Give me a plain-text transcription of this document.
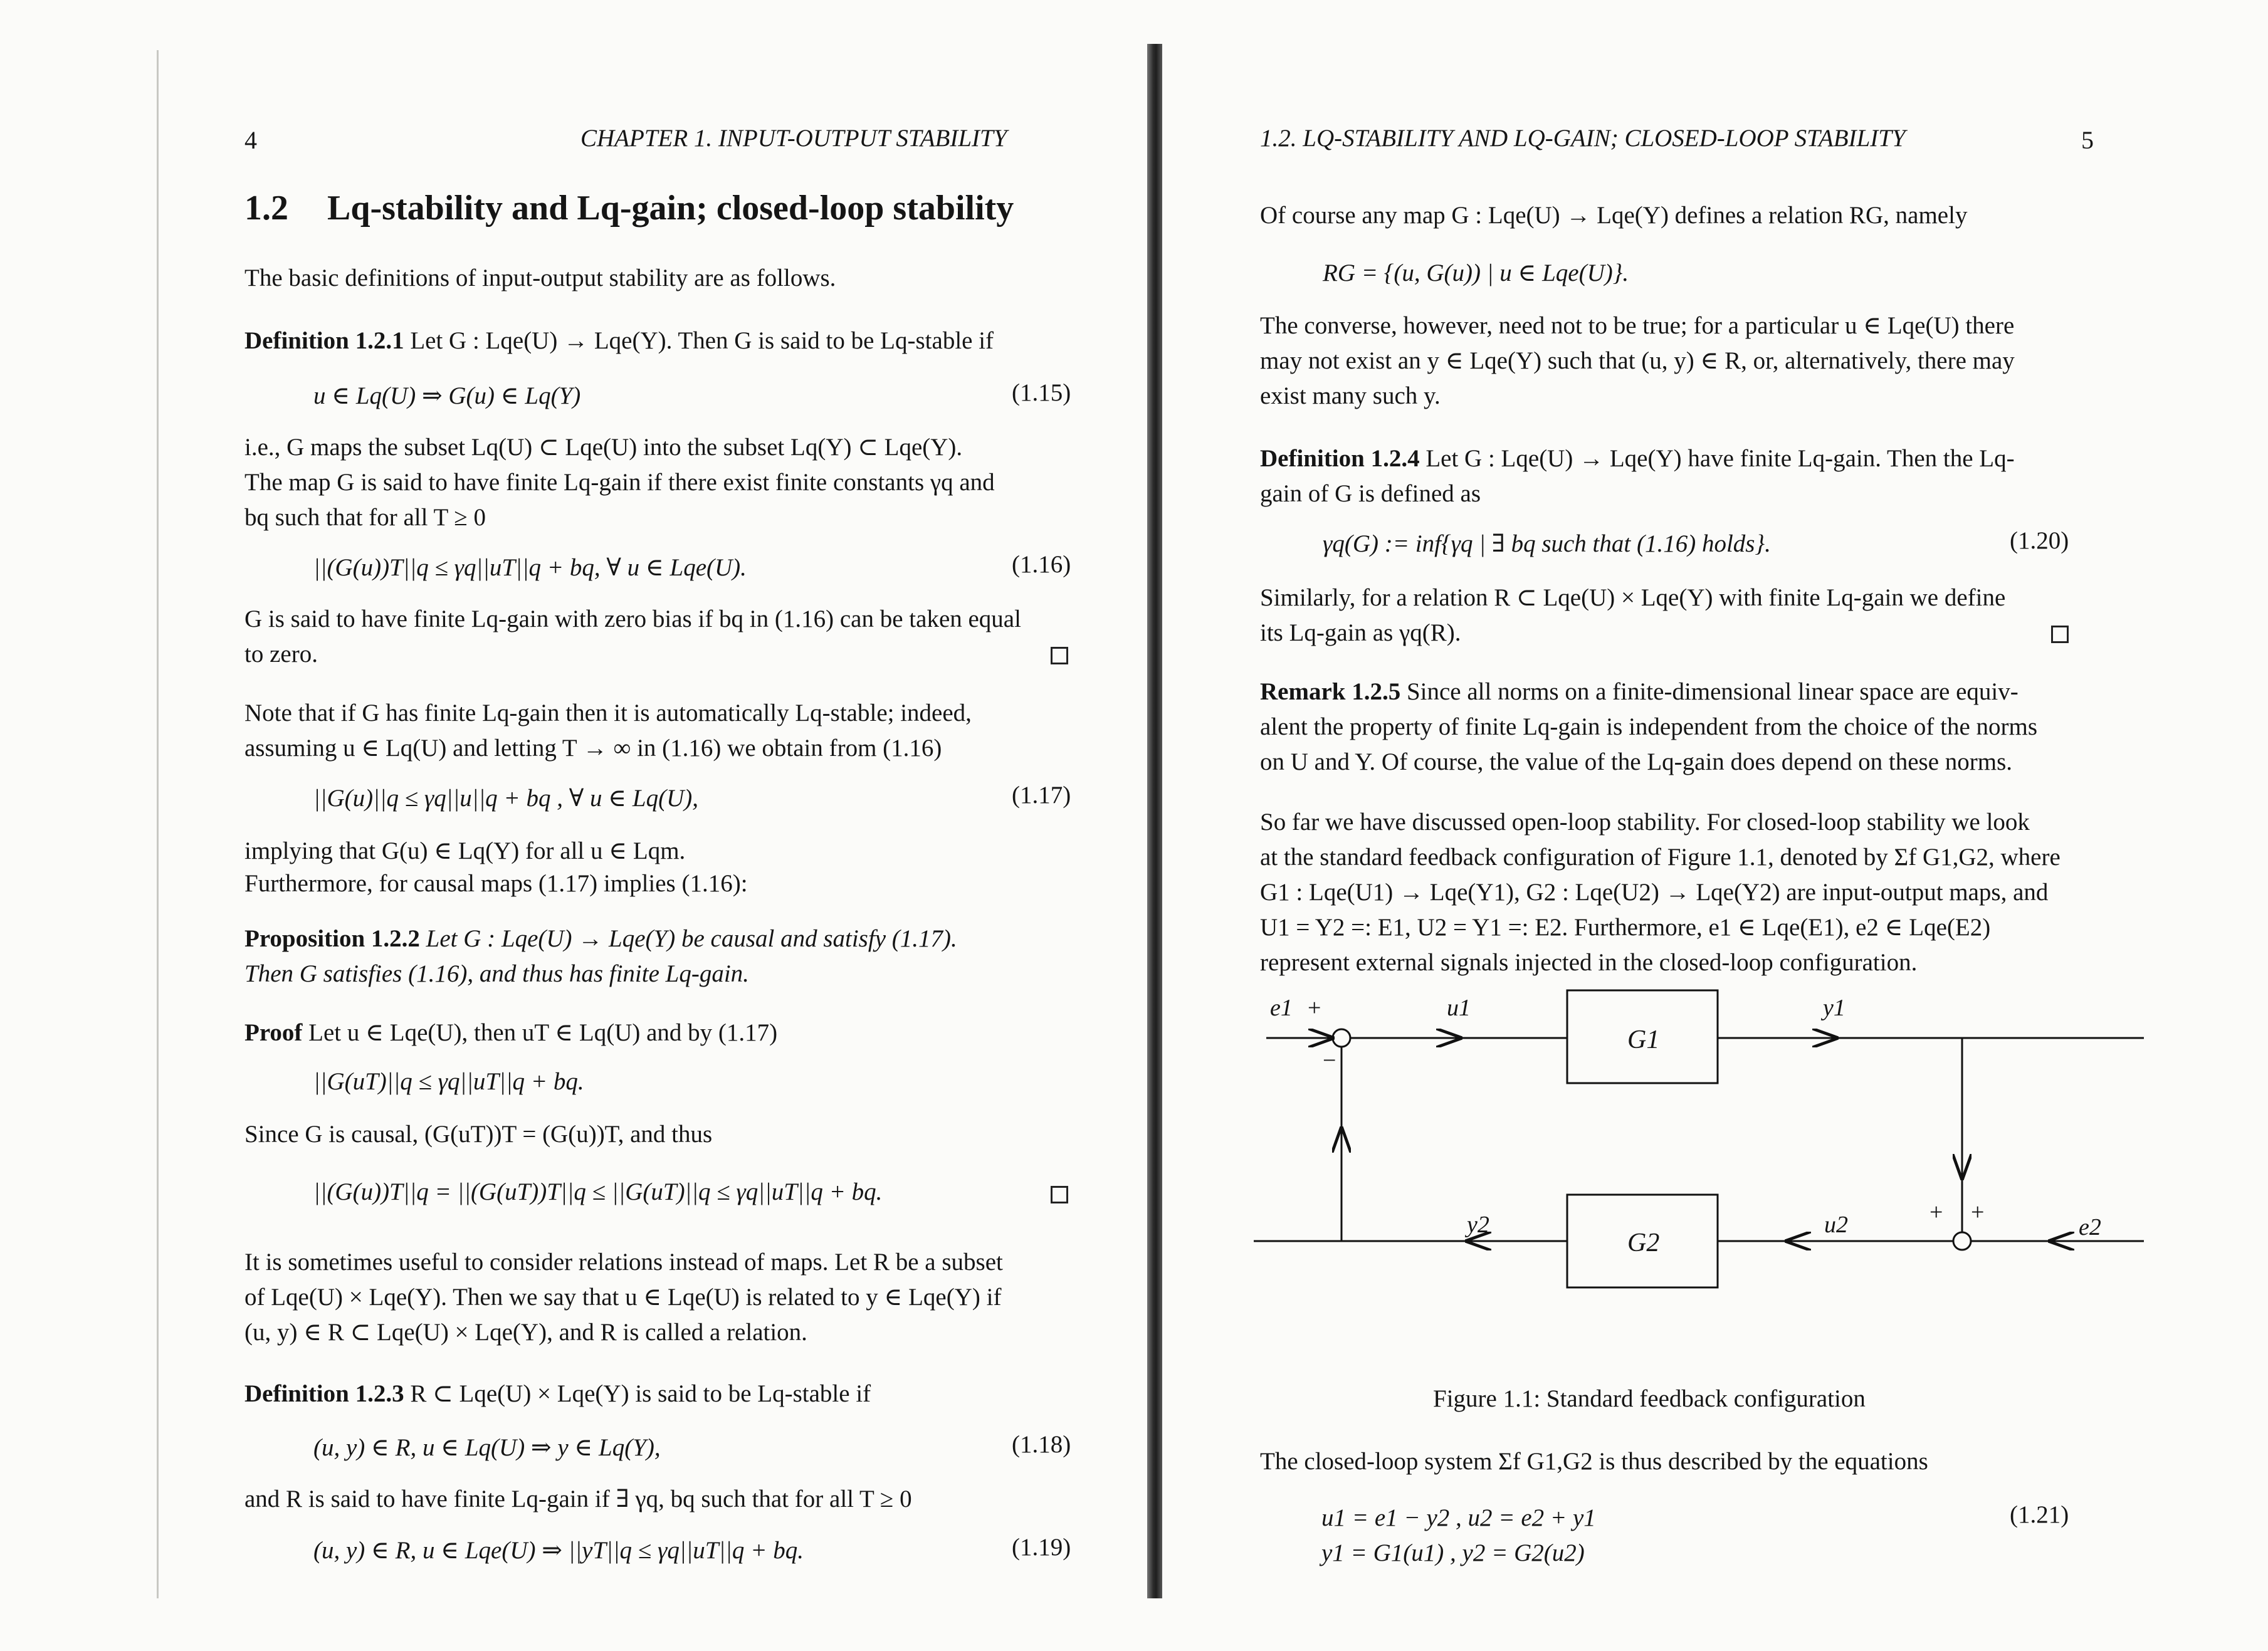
4	CHAPTER 1. INPUT-OUTPUT STABILITY
1.2 Lq-stability and Lq-gain; closed-loop stability
The basic definitions of input-output stability are as follows.
Definition 1.2.1 Let G : Lqe(U) → Lqe(Y). Then G is said to be Lq-stable if
u ∈ Lq(U) ⇒ G(u) ∈ Lq(Y)	(1.15)
i.e., G maps the subset Lq(U) ⊂ Lqe(U) into the subset Lq(Y) ⊂ Lqe(Y).
The map G is said to have finite Lq-gain if there exist finite constants γq and
bq such that for all T ≥ 0
||(G(u))T||q ≤ γq||uT||q + bq, ∀ u ∈ Lqe(U).	(1.16)
G is said to have finite Lq-gain with zero bias if bq in (1.16) can be taken equal
to zero.
Note that if G has finite Lq-gain then it is automatically Lq-stable; indeed,
assuming u ∈ Lq(U) and letting T → ∞ in (1.16) we obtain from (1.16)
||G(u)||q ≤ γq||u||q + bq , ∀ u ∈ Lq(U),	(1.17)
implying that G(u) ∈ Lq(Y) for all u ∈ Lqm.
Furthermore, for causal maps (1.17) implies (1.16):
Proposition 1.2.2 Let G : Lqe(U) → Lqe(Y) be causal and satisfy (1.17).
Then G satisfies (1.16), and thus has finite Lq-gain.
Proof Let u ∈ Lqe(U), then uT ∈ Lq(U) and by (1.17)
||G(uT)||q ≤ γq||uT||q + bq.
Since G is causal, (G(uT))T = (G(u))T, and thus
||(G(u))T||q = ||(G(uT))T||q ≤ ||G(uT)||q ≤ γq||uT||q + bq.
It is sometimes useful to consider relations instead of maps. Let R be a subset
of Lqe(U) × Lqe(Y). Then we say that u ∈ Lqe(U) is related to y ∈ Lqe(Y) if
(u, y) ∈ R ⊂ Lqe(U) × Lqe(Y), and R is called a relation.
Definition 1.2.3 R ⊂ Lqe(U) × Lqe(Y) is said to be Lq-stable if
(u, y) ∈ R, u ∈ Lq(U) ⇒ y ∈ Lq(Y),	(1.18)
and R is said to have finite Lq-gain if ∃ γq, bq such that for all T ≥ 0
(u, y) ∈ R, u ∈ Lqe(U) ⇒ ||yT||q ≤ γq||uT||q + bq.	(1.19)
1.2. LQ-STABILITY AND LQ-GAIN; CLOSED-LOOP STABILITY	5
Of course any map G : Lqe(U) → Lqe(Y) defines a relation RG, namely
RG = {(u, G(u)) | u ∈ Lqe(U)}.
The converse, however, need not to be true; for a particular u ∈ Lqe(U) there
may not exist an y ∈ Lqe(Y) such that (u, y) ∈ R, or, alternatively, there may
exist many such y.
Definition 1.2.4 Let G : Lqe(U) → Lqe(Y) have finite Lq-gain. Then the Lq-
gain of G is defined as
γq(G) := inf{γq | ∃ bq such that (1.16) holds}.	(1.20)
Similarly, for a relation R ⊂ Lqe(U) × Lqe(Y) with finite Lq-gain we define
its Lq-gain as γq(R).
Remark 1.2.5 Since all norms on a finite-dimensional linear space are equiv-
alent the property of finite Lq-gain is independent from the choice of the norms
on U and Y. Of course, the value of the Lq-gain does depend on these norms.
So far we have discussed open-loop stability. For closed-loop stability we look
at the standard feedback configuration of Figure 1.1, denoted by Σf G1,G2, where
G1 : Lqe(U1) → Lqe(Y1), G2 : Lqe(U2) → Lqe(Y2) are input-output maps, and
U1 = Y2 =: E1, U2 = Y1 =: E2. Furthermore, e1 ∈ Lqe(E1), e2 ∈ Lqe(E2)
represent external signals injected in the closed-loop configuration.
e1 +
−
u1
G1
y1
y2
G2
u2	+ +
e2
Figure 1.1: Standard feedback configuration
The closed-loop system Σf G1,G2 is thus described by the equations
u1 = e1 − y2 , u2 = e2 + y1	(1.21)
y1 = G1(u1) , y2 = G2(u2)
